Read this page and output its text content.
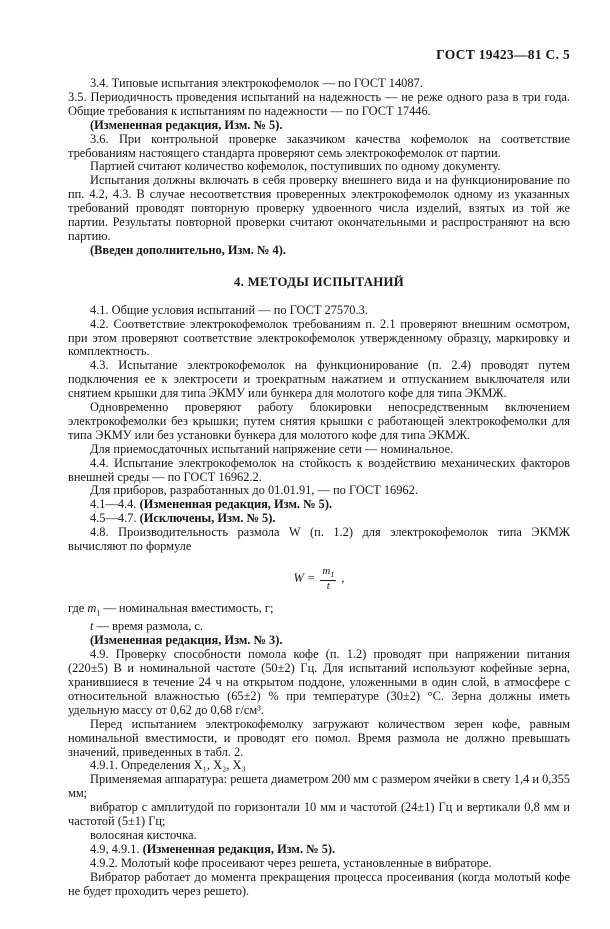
ГОСТ 19423—81 С. 5

3.4. Типовые испытания электрокофемолок — по ГОСТ 14087.

3.5. Периодичность проведения испытаний на надежность — не реже одного раза в три года. Общие требования к испытаниям по надежности — по ГОСТ 17446.

(Измененная редакция, Изм. № 5).

3.6. При контрольной проверке заказчиком качества кофемолок на соответствие требованиям настоящего стандарта проверяют семь электрокофемолок от партии.

Партией считают количество кофемолок, поступивших по одному документу.

Испытания должны включать в себя проверку внешнего вида и на функционирование по пп. 4.2, 4.3. В случае несоответствия проверенных электрокофемолок одному из указанных требований проводят повторную проверку удвоенного числа изделий, взятых из той же партии. Результаты повторной проверки считают окончательными и распространяют на всю партию.

(Введен дополнительно, Изм. № 4).

4. МЕТОДЫ ИСПЫТАНИЙ

4.1. Общие условия испытаний — по ГОСТ 27570.3.

4.2. Соответствие электрокофемолок требованиям п. 2.1 проверяют внешним осмотром, при этом проверяют соответствие электрокофемолок утвержденному образцу, маркировку и комплектность.

4.3. Испытание электрокофемолок на функционирование (п. 2.4) проводят путем подключения ее к электросети и троекратным нажатием и отпусканием выключателя или снятием крышки для типа ЭКМУ или бункера для молотого кофе для типа ЭКМЖ.

Одновременно проверяют работу блокировки непосредственным включением электрокофемолки без крышки; путем снятия крышки с работающей электрокофемолки для типа ЭКМУ или без установки бункера для молотого кофе для типа ЭКМЖ.

Для приемосдаточных испытаний напряжение сети — номинальное.

4.4. Испытание электрокофемолок на стойкость к воздействию механических факторов внешней среды — по ГОСТ 16962.2.

Для приборов, разработанных до 01.01.91, — по ГОСТ 16962.

4.1—4.4. (Измененная редакция, Изм. № 5).

4.5—4.7. (Исключены, Изм. № 5).

4.8. Производительность размола W (п. 1.2) для электрокофемолок типа ЭКМЖ вычисляют по формуле

$W = \frac{m_1}{t}$ ,

где $m_1$ — номинальная вместимость, г;

t — время размола, с.

(Измененная редакция, Изм. № 3).

4.9. Проверку способности помола кофе (п. 1.2) проводят при напряжении питания (220±5) В и номинальной частоте (50±2) Гц. Для испытаний используют кофейные зерна, хранившиеся в течение 24 ч на открытом поддоне, уложенными в один слой, в атмосфере с относительной влажностью (65±2) % при температуре (30±2) °С. Зерна должны иметь удельную массу от 0,62 до 0,68 г/см³.

Перед испытанием электрокофемолку загружают количеством зерен кофе, равным номинальной вместимости, и проводят его помол. Время размола не должно превышать значений, приведенных в табл. 2.

4.9.1. Определения X₁, X₂, X₃

Применяемая аппаратура: решета диаметром 200 мм с размером ячейки в свету 1,4 и 0,355 мм;

вибратор с амплитудой по горизонтали 10 мм и частотой (24±1) Гц и вертикали 0,8 мм и частотой (5±1) Гц;

волосяная кисточка.

4.9, 4.9.1. (Измененная редакция, Изм. № 5).

4.9.2. Молотый кофе просеивают через решета, установленные в вибраторе.

Вибратор работает до момента прекращения процесса просеивания (когда молотый кофе не будет проходить через решето).
